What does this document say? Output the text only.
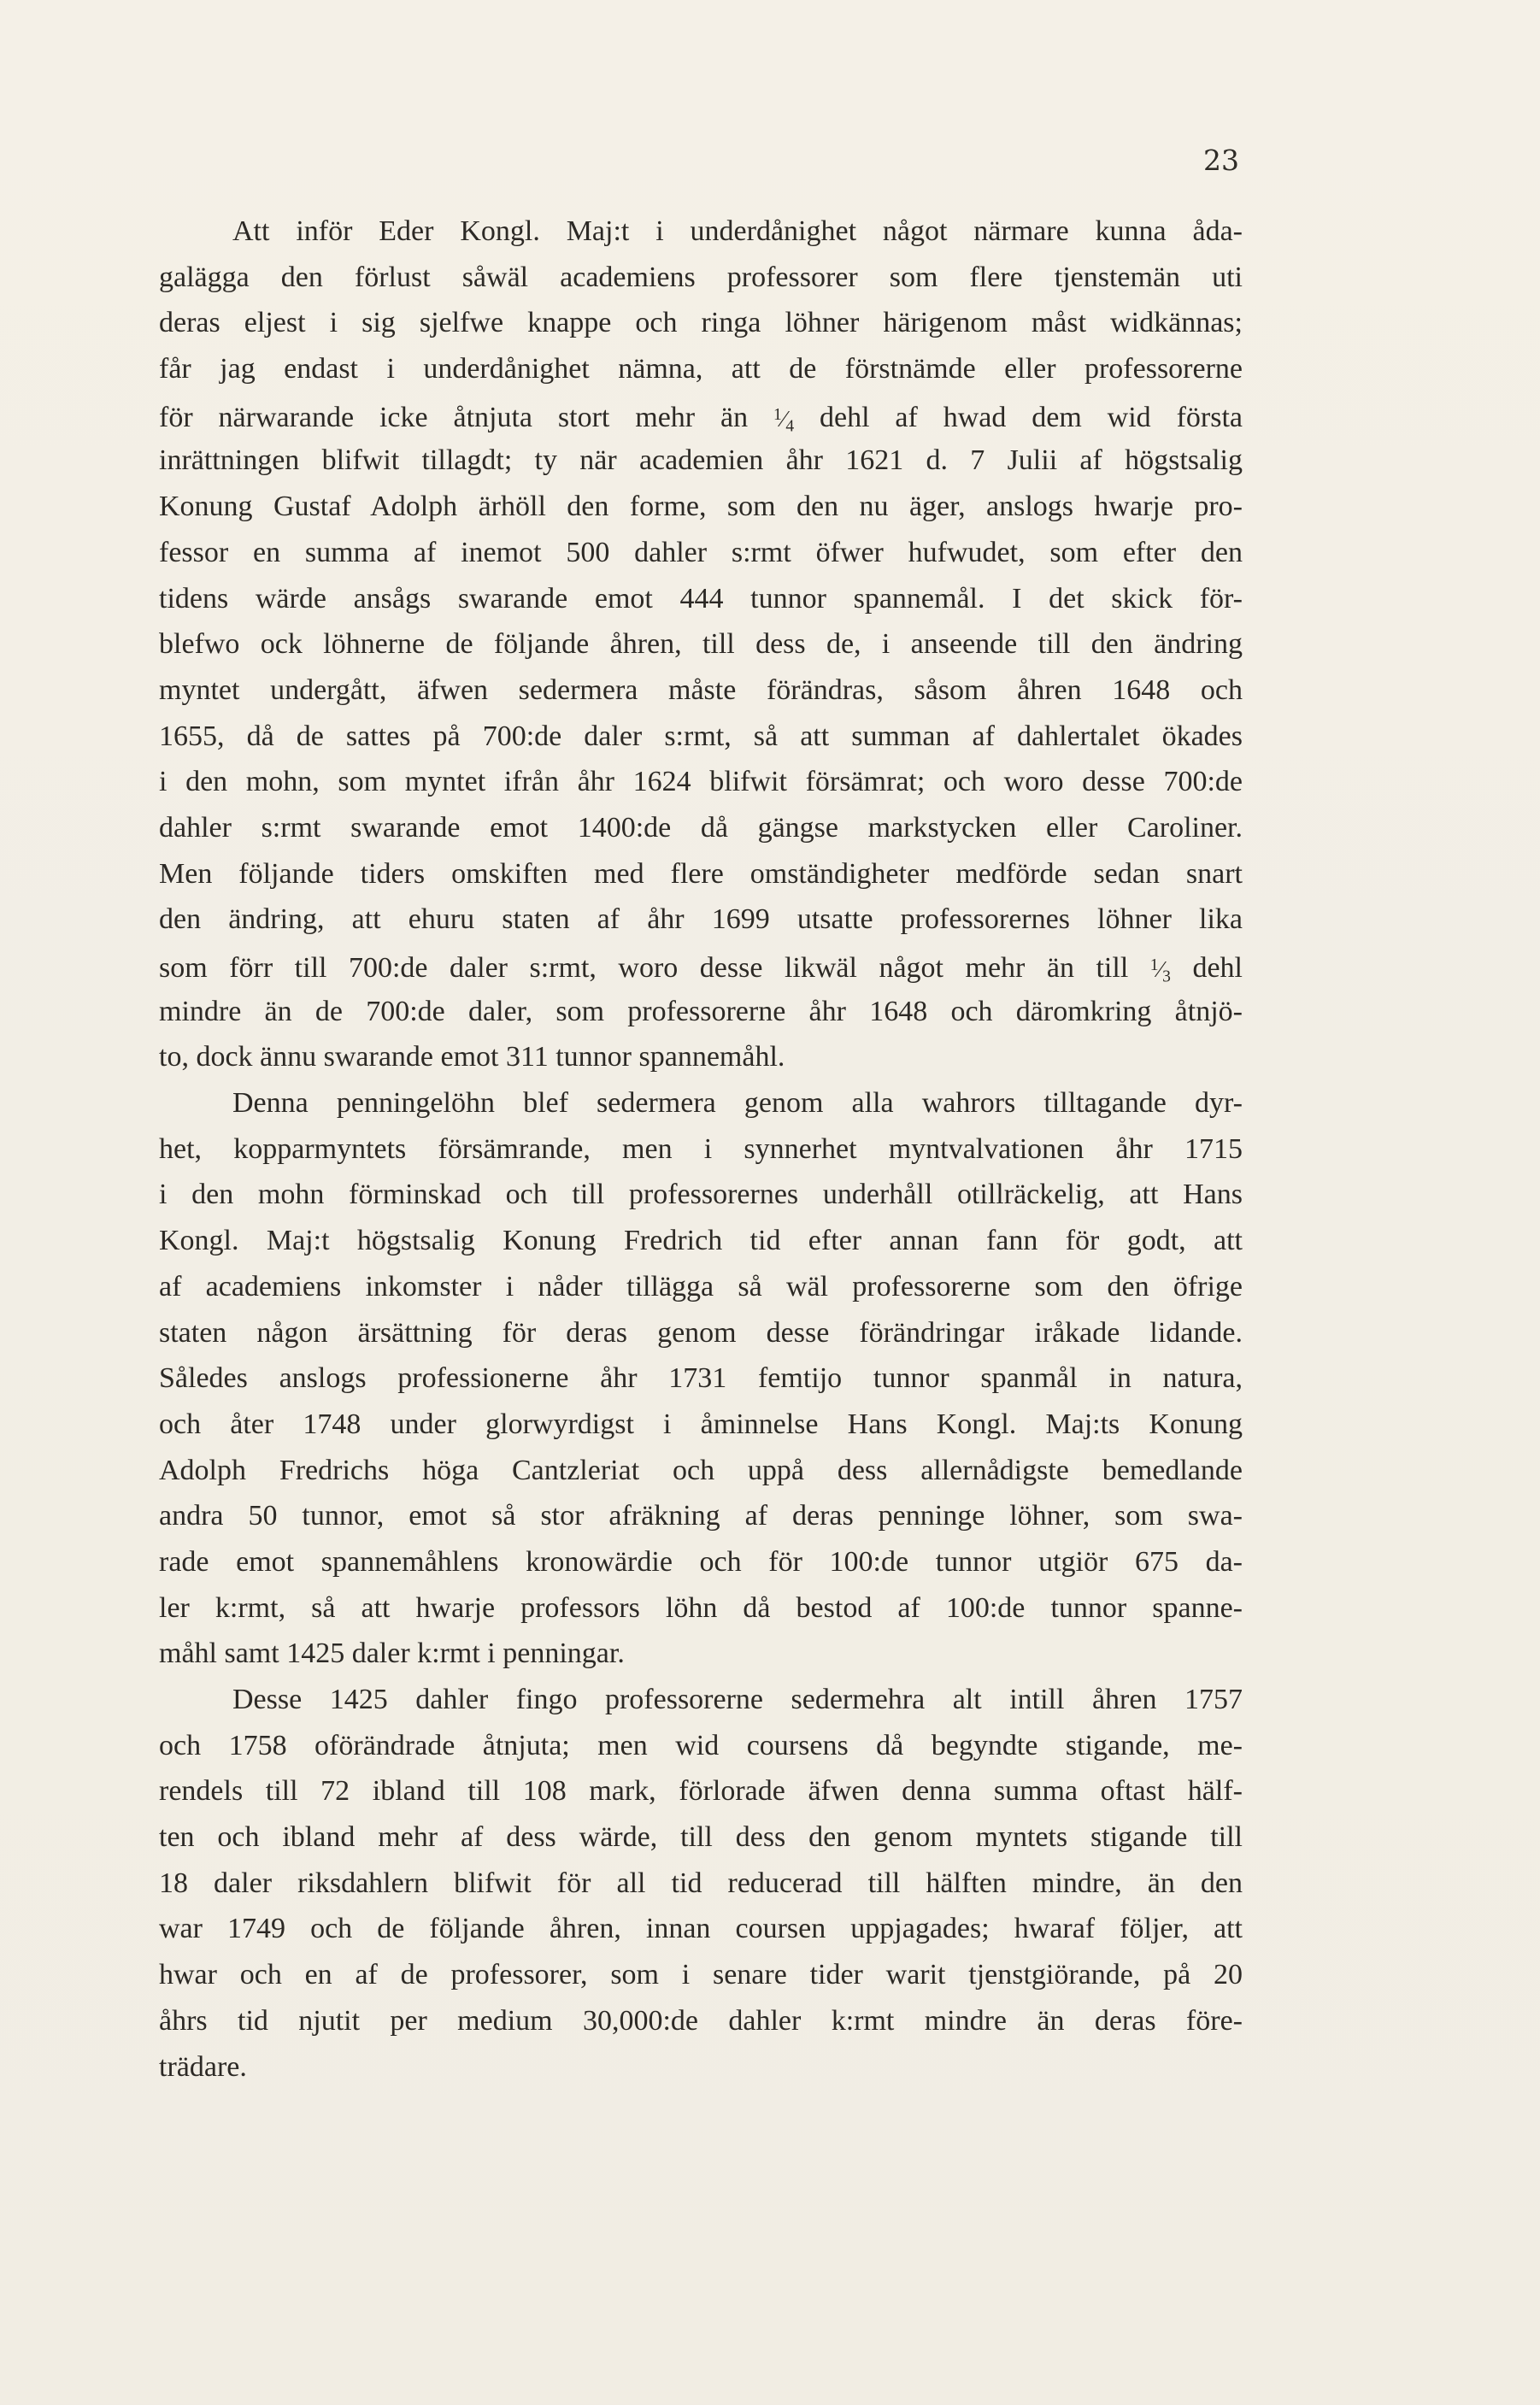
23
Att inför Eder Kongl. Maj:t i underdånighet något närmare kunna åda-
galägga den förlust såwäl academiens professorer som flere tjenstemän uti
deras eljest i sig sjelfwe knappe och ringa löhner härigenom måst widkännas;
får jag endast i underdånighet nämna, att de förstnämde eller professorerne
för närwarande icke åtnjuta stort mehr än $^1⁄_4$ dehl af hwad dem wid första
inrättningen blifwit tillagdt; ty när academien åhr 1621 d. 7 Julii af högstsalig
Konung Gustaf Adolph ärhöll den forme, som den nu äger, anslogs hwarje pro-
fessor en summa af inemot 500 dahler s:rmt öfwer hufwudet, som efter den
tidens wärde ansågs swarande emot 444 tunnor spannemål. I det skick för-
blefwo ock löhnerne de följande åhren, till dess de, i anseende till den ändring
myntet undergått, äfwen sedermera måste förändras, såsom åhren 1648 och
1655, då de sattes på 700:de daler s:rmt, så att summan af dahlertalet ökades
i den mohn, som myntet ifrån åhr 1624 blifwit försämrat; och woro desse 700:de
dahler s:rmt swarande emot 1400:de då gängse markstycken eller Caroliner.
Men följande tiders omskiften med flere omständigheter medförde sedan snart
den ändring, att ehuru staten af åhr 1699 utsatte professorernes löhner lika
som förr till 700:de daler s:rmt, woro desse likwäl något mehr än till $^1⁄_3$ dehl
mindre än de 700:de daler, som professorerne åhr 1648 och däromkring åtnjö-
to, dock ännu swarande emot 311 tunnor spannemåhl.
Denna penningelöhn blef sedermera genom alla wahrors tilltagande dyr-
het, kopparmyntets försämrande, men i synnerhet myntvalvationen åhr 1715
i den mohn förminskad och till professorernes underhåll otillräckelig, att Hans
Kongl. Maj:t högstsalig Konung Fredrich tid efter annan fann för godt, att
af academiens inkomster i nåder tillägga så wäl professorerne som den öfrige
staten någon ärsättning för deras genom desse förändringar iråkade lidande.
Således anslogs professionerne åhr 1731 femtijo tunnor spanmål in natura,
och åter 1748 under glorwyrdigst i åminnelse Hans Kongl. Maj:ts Konung
Adolph Fredrichs höga Cantzleriat och uppå dess allernådigste bemedlande
andra 50 tunnor, emot så stor afräkning af deras penninge löhner, som swa-
rade emot spannemåhlens kronowärdie och för 100:de tunnor utgiör 675 da-
ler k:rmt, så att hwarje professors löhn då bestod af 100:de tunnor spanne-
måhl samt 1425 daler k:rmt i penningar.
Desse 1425 dahler fingo professorerne sedermehra alt intill åhren 1757
och 1758 oförändrade åtnjuta; men wid coursens då begyndte stigande, me-
rendels till 72 ibland till 108 mark, förlorade äfwen denna summa oftast hälf-
ten och ibland mehr af dess wärde, till dess den genom myntets stigande till
18 daler riksdahlern blifwit för all tid reducerad till hälften mindre, än den
war 1749 och de följande åhren, innan coursen uppjagades; hwaraf följer, att
hwar och en af de professorer, som i senare tider warit tjenstgiörande, på 20
åhrs tid njutit per medium 30,000:de dahler k:rmt mindre än deras före-
trädare.
